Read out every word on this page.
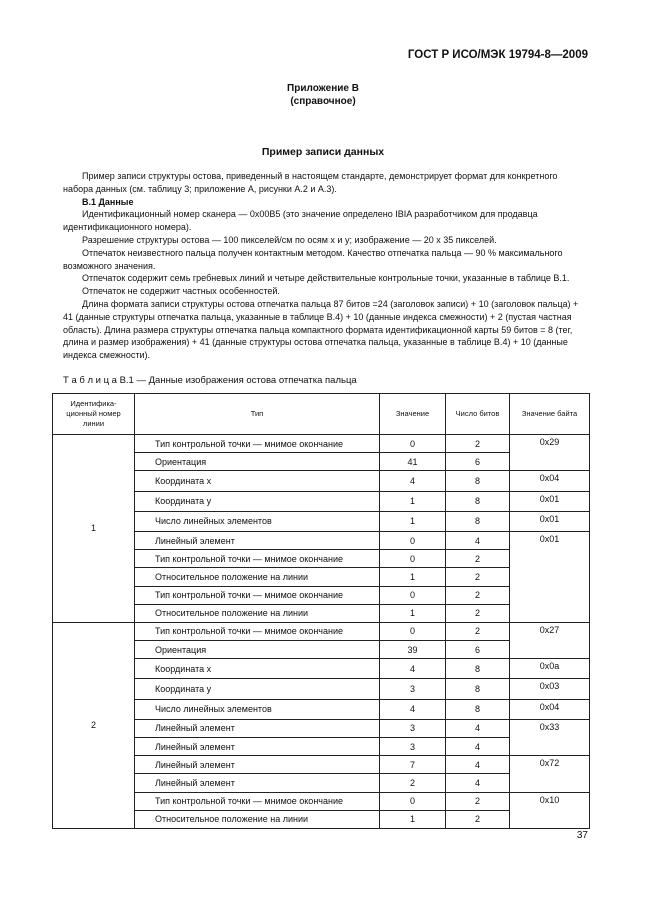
ГОСТ Р ИСО/МЭК 19794-8—2009
Приложение В
(справочное)
Пример записи данных

Пример записи структуры остова, приведенный в настоящем стандарте, демонстрирует формат для конкретного набора данных (см. таблицу 3; приложение А, рисунки А.2 и А.3).

В.1 Данные

Идентификационный номер сканера — 0x00B5 (это значение определено IBIA разработчиком для продавца идентификационного номера).

Разрешение структуры остова — 100 пикселей/см по осям x и y; изображение — 20 x 35 пикселей.

Отпечаток неизвестного пальца получен контактным методом. Качество отпечатка пальца — 90 % максимального возможного значения.

Отпечаток содержит семь гребневых линий и четыре действительные контрольные точки, указанные в таблице В.1.

Отпечаток не содержит частных особенностей.

Длина формата записи структуры остова отпечатка пальца 87 битов =24 (заголовок записи) + 10 (заголовок пальца) + 41 (данные структуры отпечатка пальца, указанные в таблице В.4) + 10 (данные индекса смежности) + 2 (пустая частная область). Длина размера структуры отпечатка пальца компактного формата идентификационной карты 59 битов = 8 (тег, длина и размер изображения) + 41 (данные структуры остова отпечатка пальца, указанные в таблице В.4) + 10 (данные индекса смежности).

Т а б л и ц а В.1 — Данные изображения остова отпечатка пальца
Идентифика-ционный номер линии	Тип	Значение	Число битов	Значение байта
1	Тип контрольной точки — мнимое окончание	0	2	0x29
	Ориентация	41	6	
	Координата x	4	8	0x04
	Координата y	1	8	0x01
	Число линейных элементов	1	8	0x01
	Линейный элемент	0	4	0x01
	Тип контрольной точки — мнимое окончание	0	2	
	Относительное положение на линии	1	2	
	Тип контрольной точки — мнимое окончание	0	2	
	Относительное положение на линии	1	2	
2	Тип контрольной точки — мнимое окончание	0	2	0x27
	Ориентация	39	6	
	Координата x	4	8	0x0a
	Координата y	3	8	0x03
	Число линейных элементов	4	8	0x04
	Линейный элемент	3	4	0x33
	Линейный элемент	3	4	
	Линейный элемент	7	4	0x72
	Линейный элемент	2	4	
	Тип контрольной точки — мнимое окончание	0	2	0x10
	Относительное положение на линии	1	2	
37
